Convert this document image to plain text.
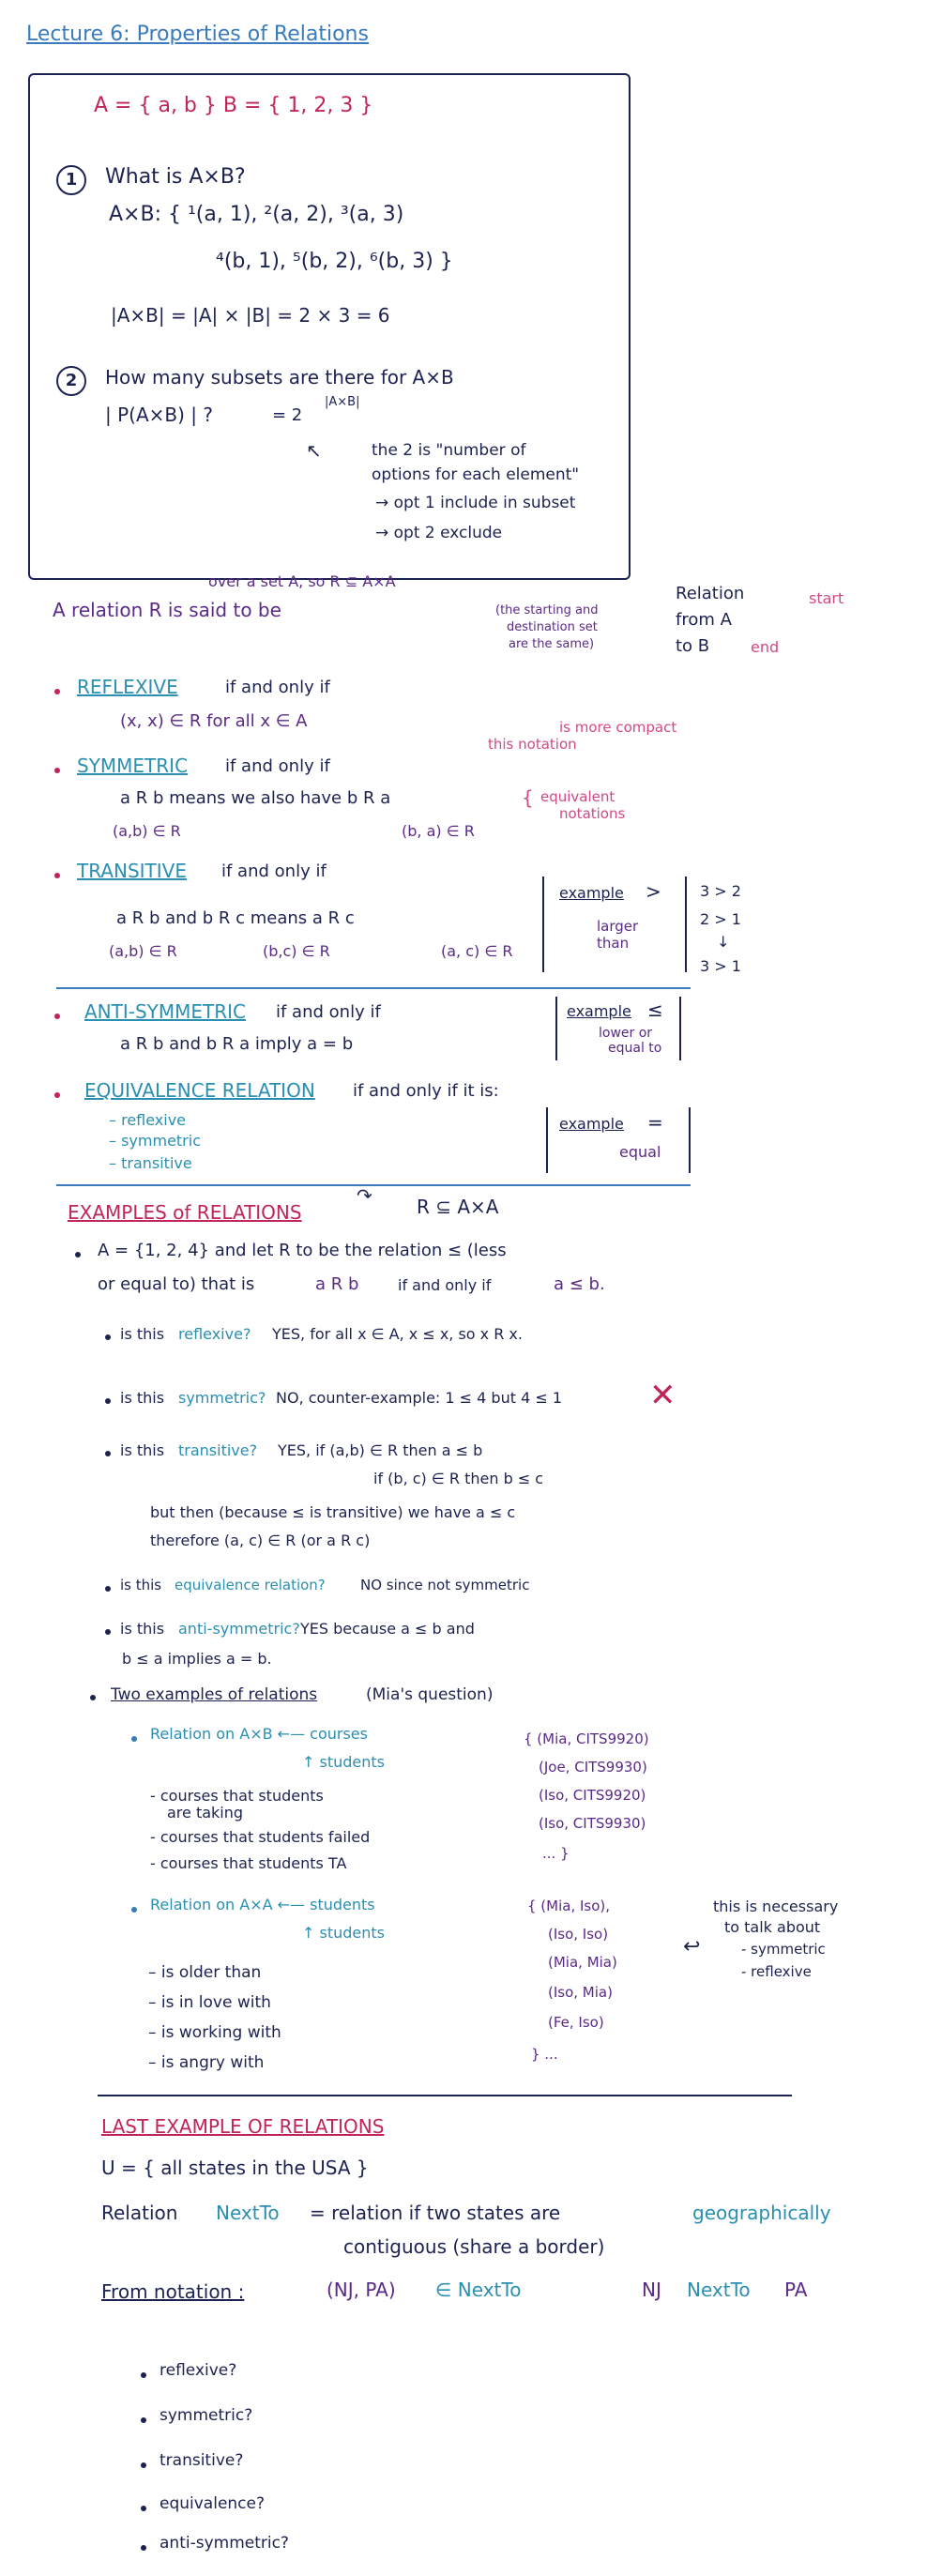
Lecture 6: Properties of Relations
A = { a, b } B = { 1, 2, 3 }
1	What is A×B?
A×B: { ¹(a, 1), ²(a, 2), ³(a, 3)
⁴(b, 1), ⁵(b, 2), ⁶(b, 3) }
|A×B| = |A| × |B| = 2 × 3 = 6
2	How many subsets are there for A×B
| P(A×B) | ?	= 2
|A×B|
↖	the 2 is "number of
options for each element"
→ opt 1 include in subset
→ opt 2 exclude
over a set A, so R ⊆ A×A
A relation R is said to be	(the starting and
destination set
are the same)
Relation
from A
to B
start
end
REFLEXIVE	if and only if
(x, x) ∈ R for all x ∈ A
SYMMETRIC if and only if
this notation
is more compact
a R b means we also have b R a
(a,b) ∈ R	(b, a) ∈ R
{ equivalent
notations
TRANSITIVE if and only if
a R b and b R c means a R c
(a,b) ∈ R	(b,c) ∈ R	(a, c) ∈ R
example >
larger
than
3 > 2
2 > 1
↓
3 > 1
ANTI-SYMMETRIC if and only if
a R b and b R a imply a = b
example ≤
lower or
equal to
EQUIVALENCE RELATION if and only if it is:
– reflexive
– symmetric
– transitive
example =
equal
EXAMPLES of RELATIONS
↷ R ⊆ A×A
A = {1, 2, 4} and let R to be the relation ≤ (less
or equal to) that is	a R b	if and only if	a ≤ b.
is this reflexive? YES, for all x ∈ A, x ≤ x, so x R x.
is this symmetric? NO, counter-example: 1 ≤ 4 but 4 ≤ 1	✕
is this transitive? YES, if (a,b) ∈ R then a ≤ b
if (b, c) ∈ R then b ≤ c
but then (because ≤ is transitive) we have a ≤ c
therefore (a, c) ∈ R (or a R c)
is this equivalence relation? NO since not symmetric
is this anti-symmetric? YES because a ≤ b and
b ≤ a implies a = b.
Two examples of relations	(Mia's question)
Relation on A×B ←— courses
↑ students
- courses that students
are taking
- courses that students failed
- courses that students TA
{ (Mia, CITS9920)
(Joe, CITS9930)
(Iso, CITS9920)
(Iso, CITS9930)
... }
Relation on A×A ←— students
↑ students
{ (Mia, Iso),
(Iso, Iso)
(Mia, Mia)
(Iso, Mia)
(Fe, Iso)
} ...
this is necessary
to talk about
- symmetric
- reflexive
↩
– is older than
– is in love with
– is working with
– is angry with
LAST EXAMPLE OF RELATIONS
U = { all states in the USA }
Relation NextTo = relation if two states are	geographically
contiguous (share a border)
From notation :	(NJ, PA) ∈ NextTo	NJ NextTo PA
reflexive?
symmetric?
transitive?
equivalence?
anti-symmetric?
